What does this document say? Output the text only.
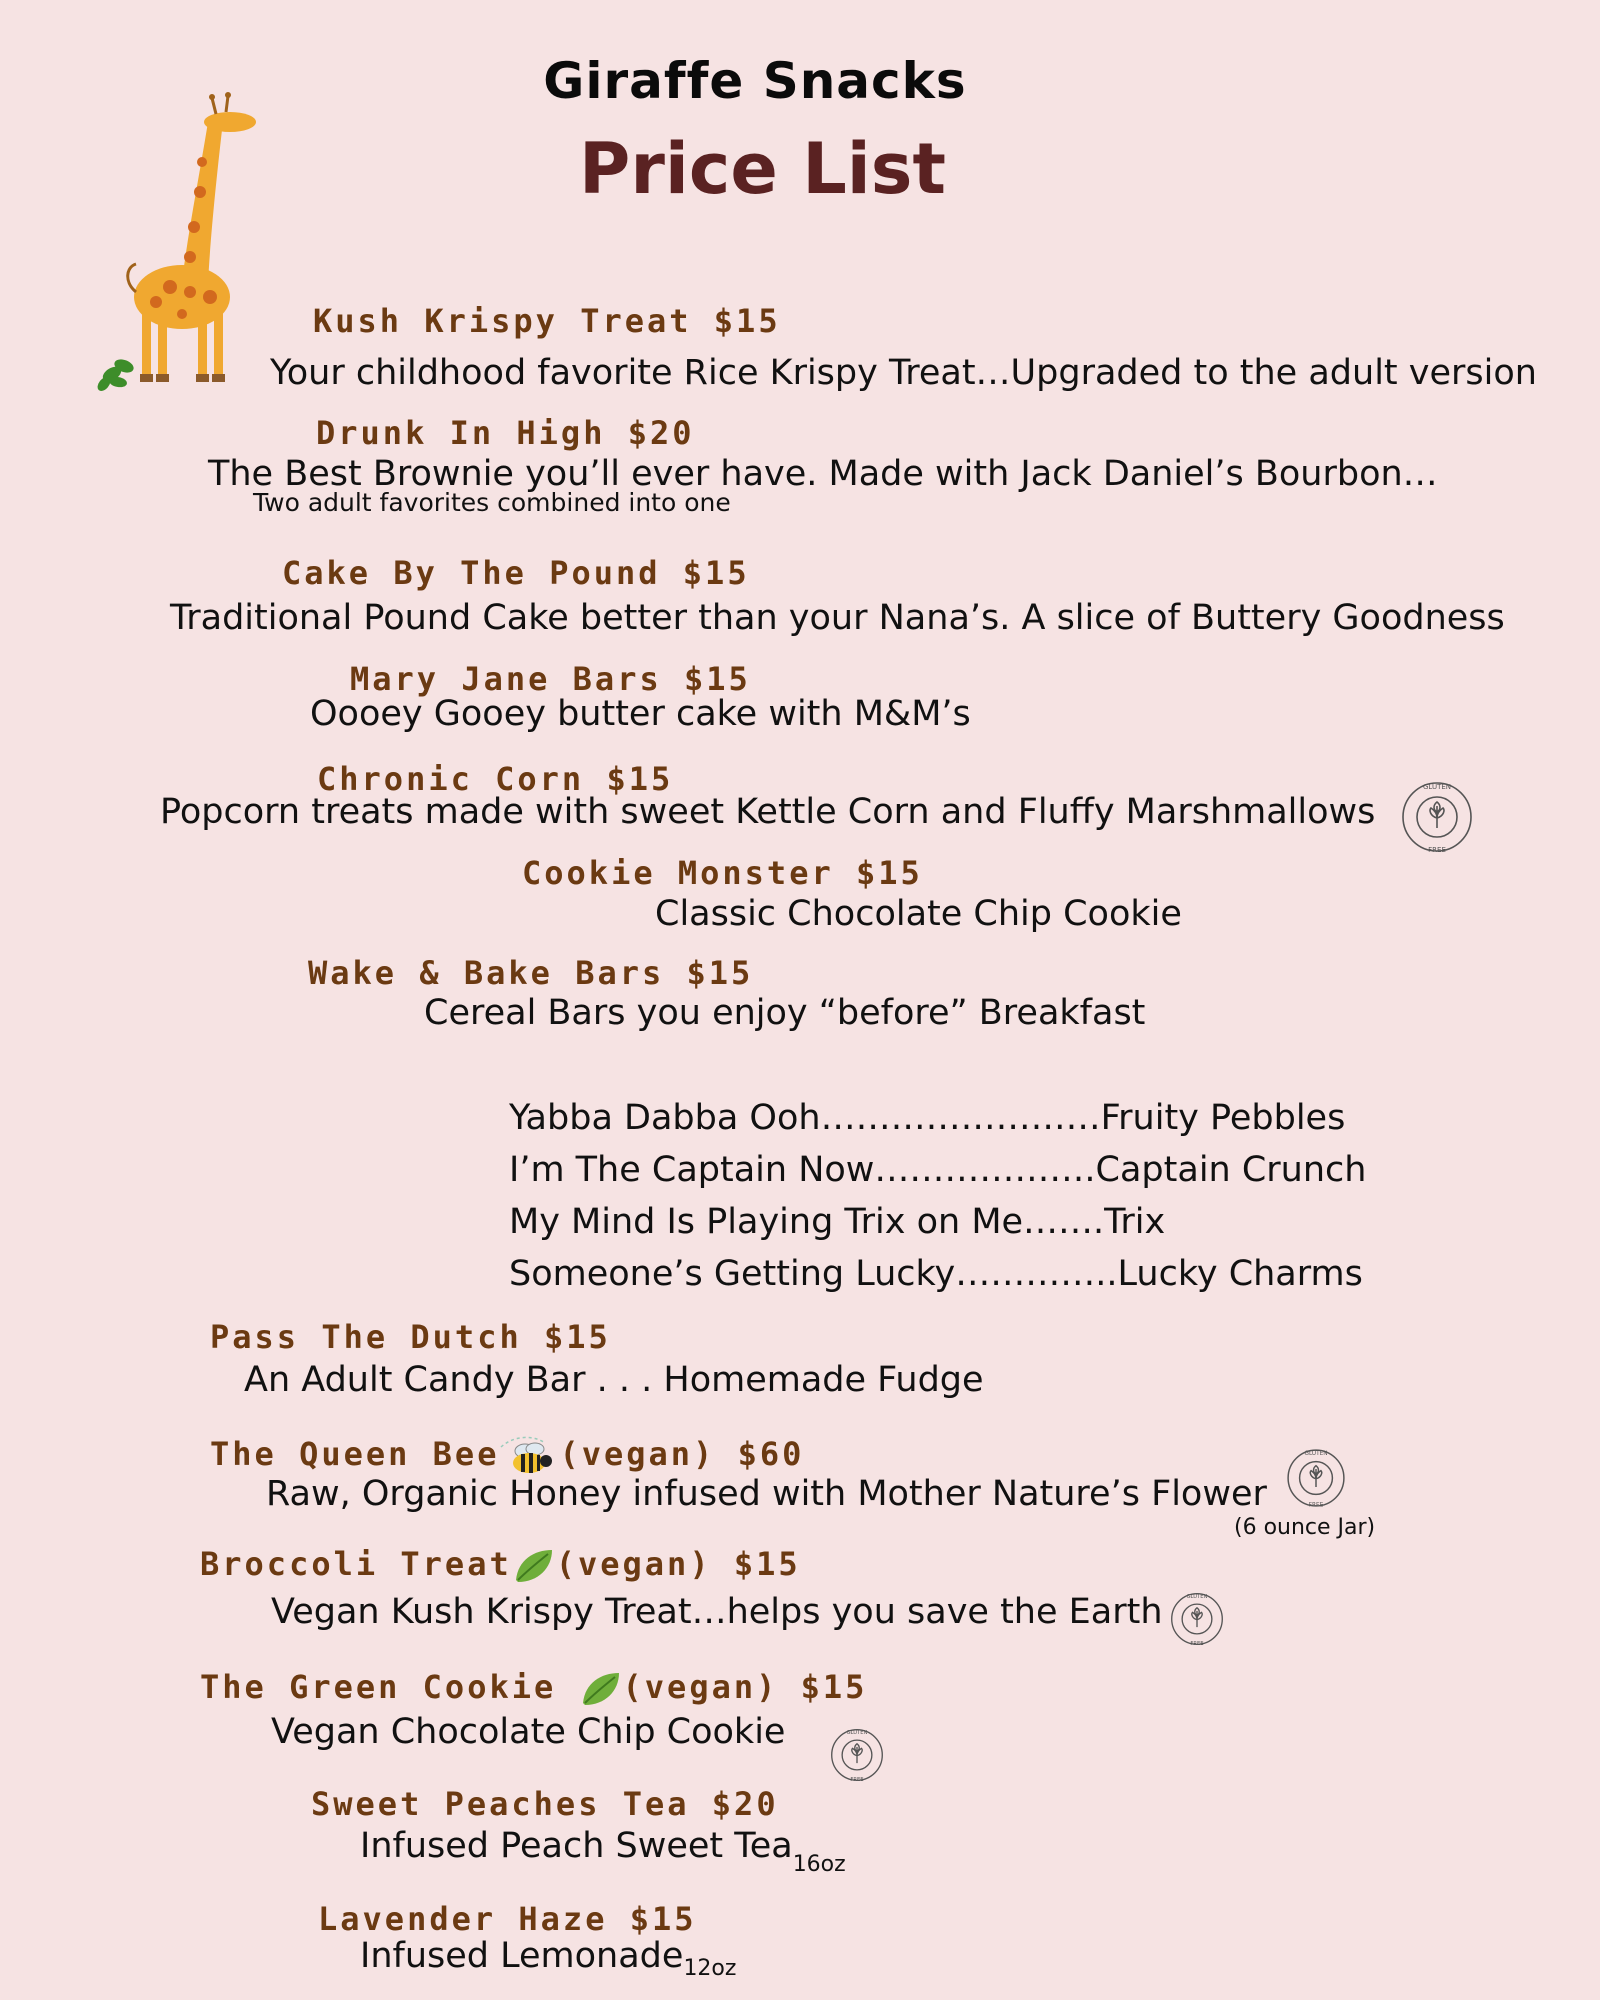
Giraffe Snacks
Price List
Kush Krispy Treat $15
Your childhood favorite Rice Krispy Treat…Upgraded to the adult version
Drunk In High $20
The Best Brownie you’ll ever have. Made with Jack Daniel’s Bourbon…
Two adult favorites combined into one
Cake By The Pound $15
Traditional Pound Cake better than your Nana’s. A slice of Buttery Goodness
Mary Jane Bars $15
Oooey Gooey butter cake with M&M’s
Chronic Corn $15
Popcorn treats made with sweet Kettle Corn and Fluffy Marshmallows
GLUTEN
FREE
Cookie Monster $15
Classic Chocolate Chip Cookie
Wake & Bake Bars $15
Cereal Bars you enjoy “before” Breakfast
Yabba Dabba Ooh……………………Fruity Pebbles
I’m The Captain Now……………….Captain Crunch
My Mind Is Playing Trix on Me…….Trix
Someone’s Getting Lucky…………..Lucky Charms
Pass The Dutch $15
An Adult Candy Bar . . . Homemade Fudge
The Queen Bee (vegan) $60
Raw, Organic Honey infused with Mother Nature’s Flower
(6 ounce Jar)
GLUTEN
FREE
Broccoli Treat (vegan) $15
Vegan Kush Krispy Treat…helps you save the Earth	GLUTEN
FREE
The Green Cookie (vegan) $15
Vegan Chocolate Chip Cookie	GLUTEN
FREE
Sweet Peaches Tea $20
Infused Peach Sweet Tea$_{16oz}$
Lavender Haze $15
Infused Lemonade$_{12oz}$
